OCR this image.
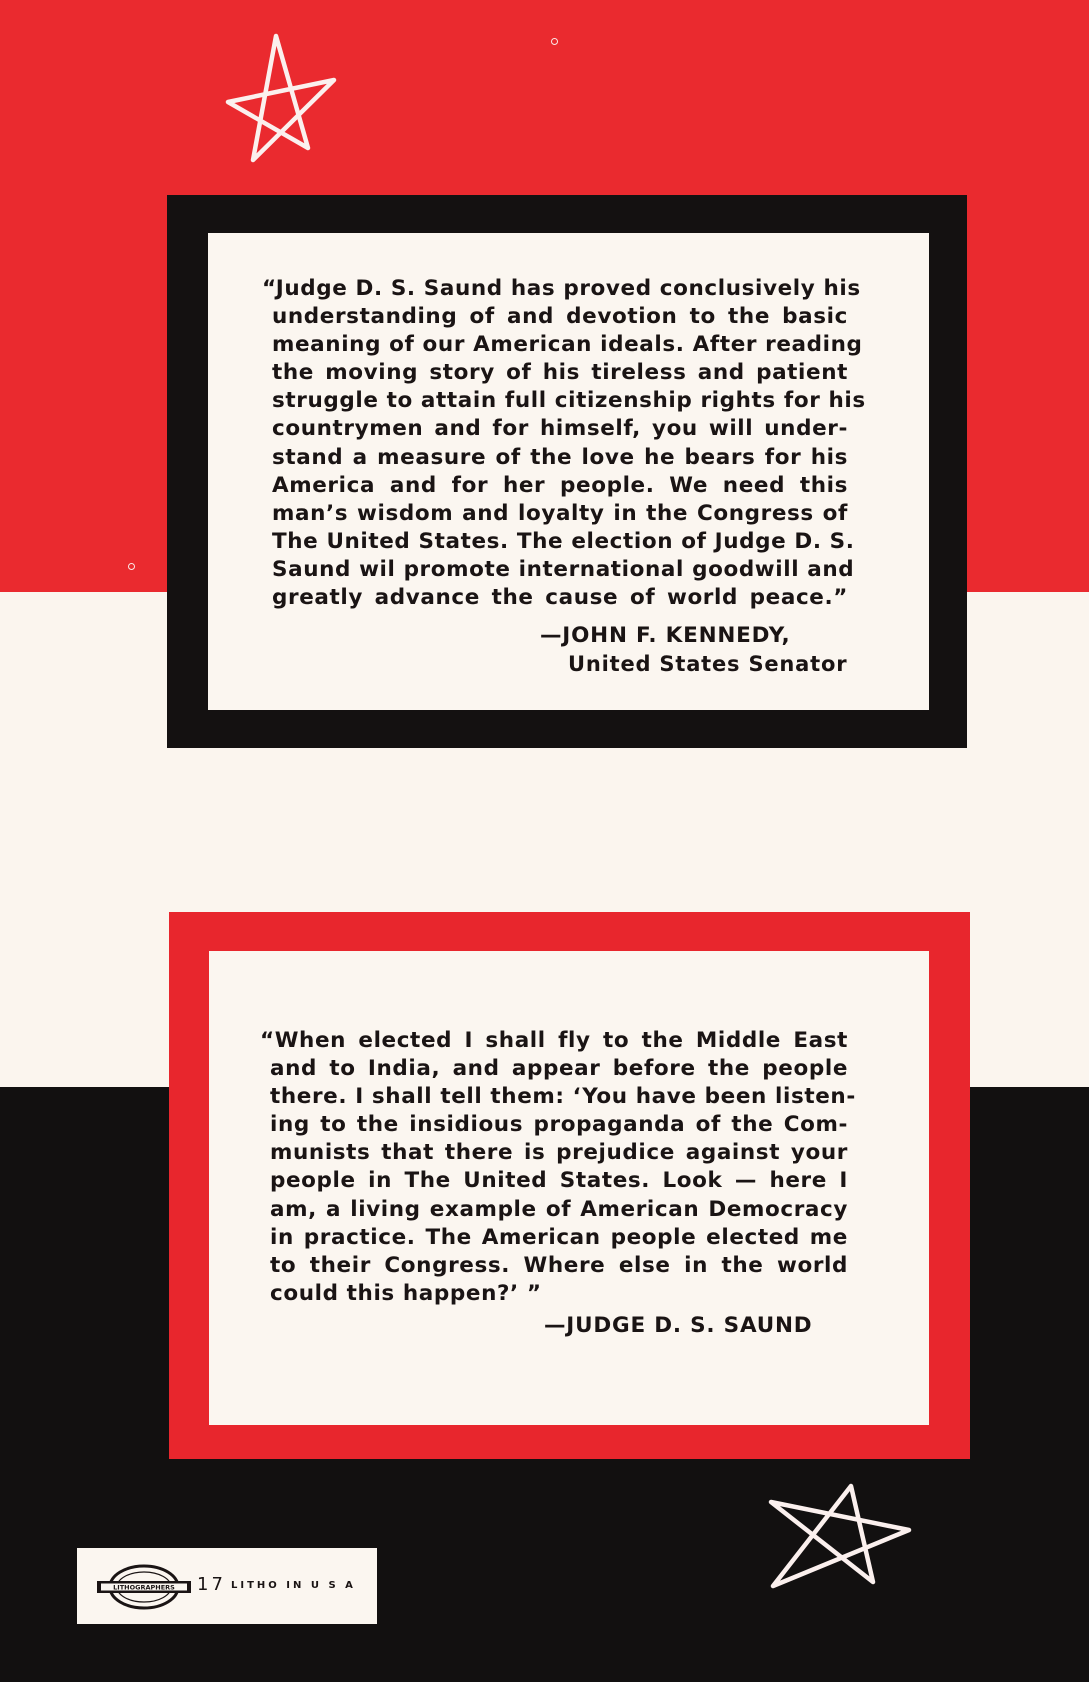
“Judge D. S. Saund has proved conclusively his
understanding of and devotion to the basic
meaning of our American ideals. After reading
the moving story of his tireless and patient
struggle to attain full citizenship rights for his
countrymen and for himself, you will under-
stand a measure of the love he bears for his
America and for her people. We need this
man’s wisdom and loyalty in the Congress of
The United States. The election of Judge D. S.
Saund wil promote international goodwill and
greatly advance the cause of world peace.”

—JOHN F. KENNEDY,
United States Senator

“When elected I shall fly to the Middle East
and to India, and appear before the people
there. I shall tell them: ‘You have been listen-
ing to the insidious propaganda of the Com-
munists that there is prejudice against your
people in The United States. Look — here I
am, a living example of American Democracy
in practice. The American people elected me
to their Congress. Where else in the world
could this happen?’ ”

—JUDGE D. S. SAUND
LITHOGRAPHERS 17 LITHO IN U S A
